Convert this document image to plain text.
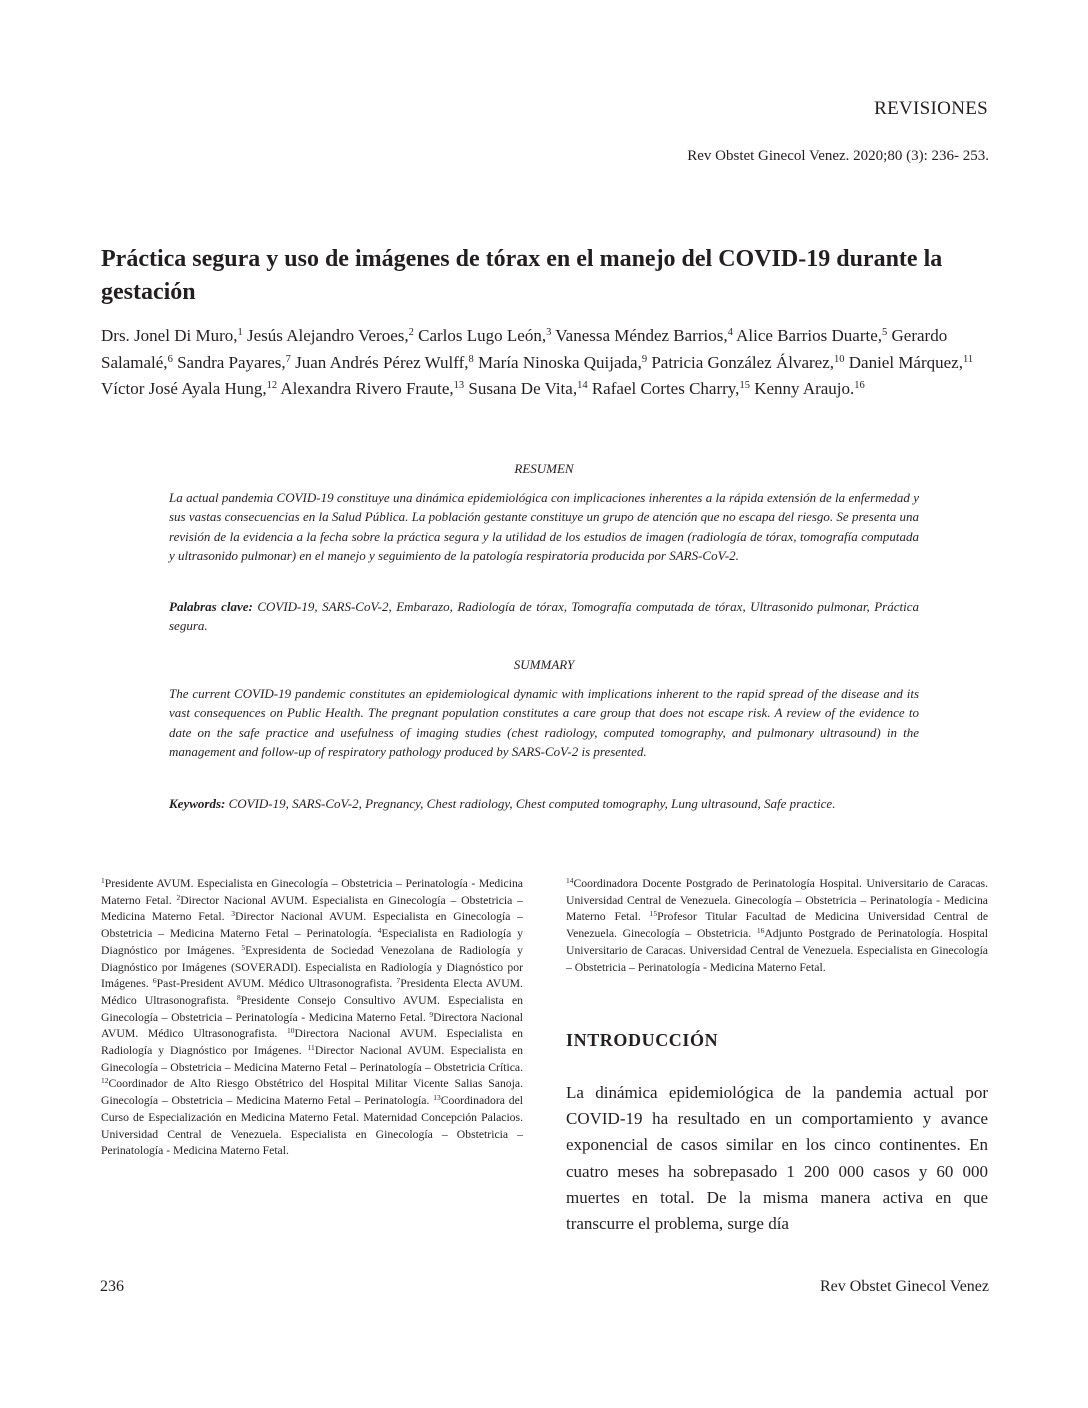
REVISIONES
Rev Obstet Ginecol Venez. 2020;80 (3): 236- 253.
Práctica segura y uso de imágenes de tórax en el manejo del COVID-19 durante la gestación
Drs. Jonel Di Muro,$^1$ Jesús Alejandro Veroes,$^2$ Carlos Lugo León,$^3$ Vanessa Méndez Barrios,$^4$ Alice Barrios Duarte,$^5$ Gerardo Salamalé,$^6$ Sandra Payares,$^7$ Juan Andrés Pérez Wulff,$^8$ María Ninoska Quijada,$^9$ Patricia González Álvarez,$^{10}$ Daniel Márquez,$^{11}$ Víctor José Ayala Hung,$^{12}$ Alexandra Rivero Fraute,$^{13}$ Susana De Vita,$^{14}$ Rafael Cortes Charry,$^{15}$ Kenny Araujo.$^{16}$
RESUMEN
La actual pandemia COVID-19 constituye una dinámica epidemiológica con implicaciones inherentes a la rápida extensión de la enfermedad y sus vastas consecuencias en la Salud Pública. La población gestante constituye un grupo de atención que no escapa del riesgo. Se presenta una revisión de la evidencia a la fecha sobre la práctica segura y la utilidad de los estudios de imagen (radiología de tórax, tomografía computada y ultrasonido pulmonar) en el manejo y seguimiento de la patología respiratoria producida por SARS-CoV-2.
Palabras clave: COVID-19, SARS-CoV-2, Embarazo, Radiología de tórax, Tomografía computada de tórax, Ultrasonido pulmonar, Práctica segura.
SUMMARY
The current COVID-19 pandemic constitutes an epidemiological dynamic with implications inherent to the rapid spread of the disease and its vast consequences on Public Health. The pregnant population constitutes a care group that does not escape risk. A review of the evidence to date on the safe practice and usefulness of imaging studies (chest radiology, computed tomography, and pulmonary ultrasound) in the management and follow-up of respiratory pathology produced by SARS-CoV-2 is presented.
Keywords: COVID-19, SARS-CoV-2, Pregnancy, Chest radiology, Chest computed tomography, Lung ultrasound, Safe practice.
$^1$Presidente AVUM. Especialista en Ginecología – Obstetricia – Perinatología - Medicina Materno Fetal. $^2$Director Nacional AVUM. Especialista en Ginecología – Obstetricia – Medicina Materno Fetal. $^3$Director Nacional AVUM. Especialista en Ginecología – Obstetricia – Medicina Materno Fetal – Perinatología. $^4$Especialista en Radiología y Diagnóstico por Imágenes. $^5$Expresidenta de Sociedad Venezolana de Radiología y Diagnóstico por Imágenes (SOVERADI). Especialista en Radiología y Diagnóstico por Imágenes. $^6$Past-President AVUM. Médico Ultrasonografista. $^7$Presidenta Electa AVUM. Médico Ultrasonografista. $^8$Presidente Consejo Consultivo AVUM. Especialista en Ginecología – Obstetricia – Perinatología - Medicina Materno Fetal. $^9$Directora Nacional AVUM. Médico Ultrasonografista. $^{10}$Directora Nacional AVUM. Especialista en Radiología y Diagnóstico por Imágenes. $^{11}$Director Nacional AVUM. Especialista en Ginecología – Obstetricia – Medicina Materno Fetal – Perinatología – Obstetricia Crítica. $^{12}$Coordinador de Alto Riesgo Obstétrico del Hospital Militar Vicente Salias Sanoja. Ginecología – Obstetricia – Medicina Materno Fetal – Perinatología. $^{13}$Coordinadora del Curso de Especialización en Medicina Materno Fetal. Maternidad Concepción Palacios. Universidad Central de Venezuela. Especialista en Ginecología – Obstetricia – Perinatología - Medicina Materno Fetal.
$^{14}$Coordinadora Docente Postgrado de Perinatología Hospital. Universitario de Caracas. Universidad Central de Venezuela. Ginecología – Obstetricia – Perinatología - Medicina Materno Fetal. $^{15}$Profesor Titular Facultad de Medicina Universidad Central de Venezuela. Ginecología – Obstetricia. $^{16}$Adjunto Postgrado de Perinatología. Hospital Universitario de Caracas. Universidad Central de Venezuela. Especialista en Ginecología – Obstetricia – Perinatología - Medicina Materno Fetal.
INTRODUCCIÓN

La dinámica epidemiológica de la pandemia actual por COVID-19 ha resultado en un comportamiento y avance exponencial de casos similar en los cinco continentes. En cuatro meses ha sobrepasado 1 200 000 casos y 60 000 muertes en total. De la misma manera activa en que transcurre el problema, surge día

236	Rev Obstet Ginecol Venez
